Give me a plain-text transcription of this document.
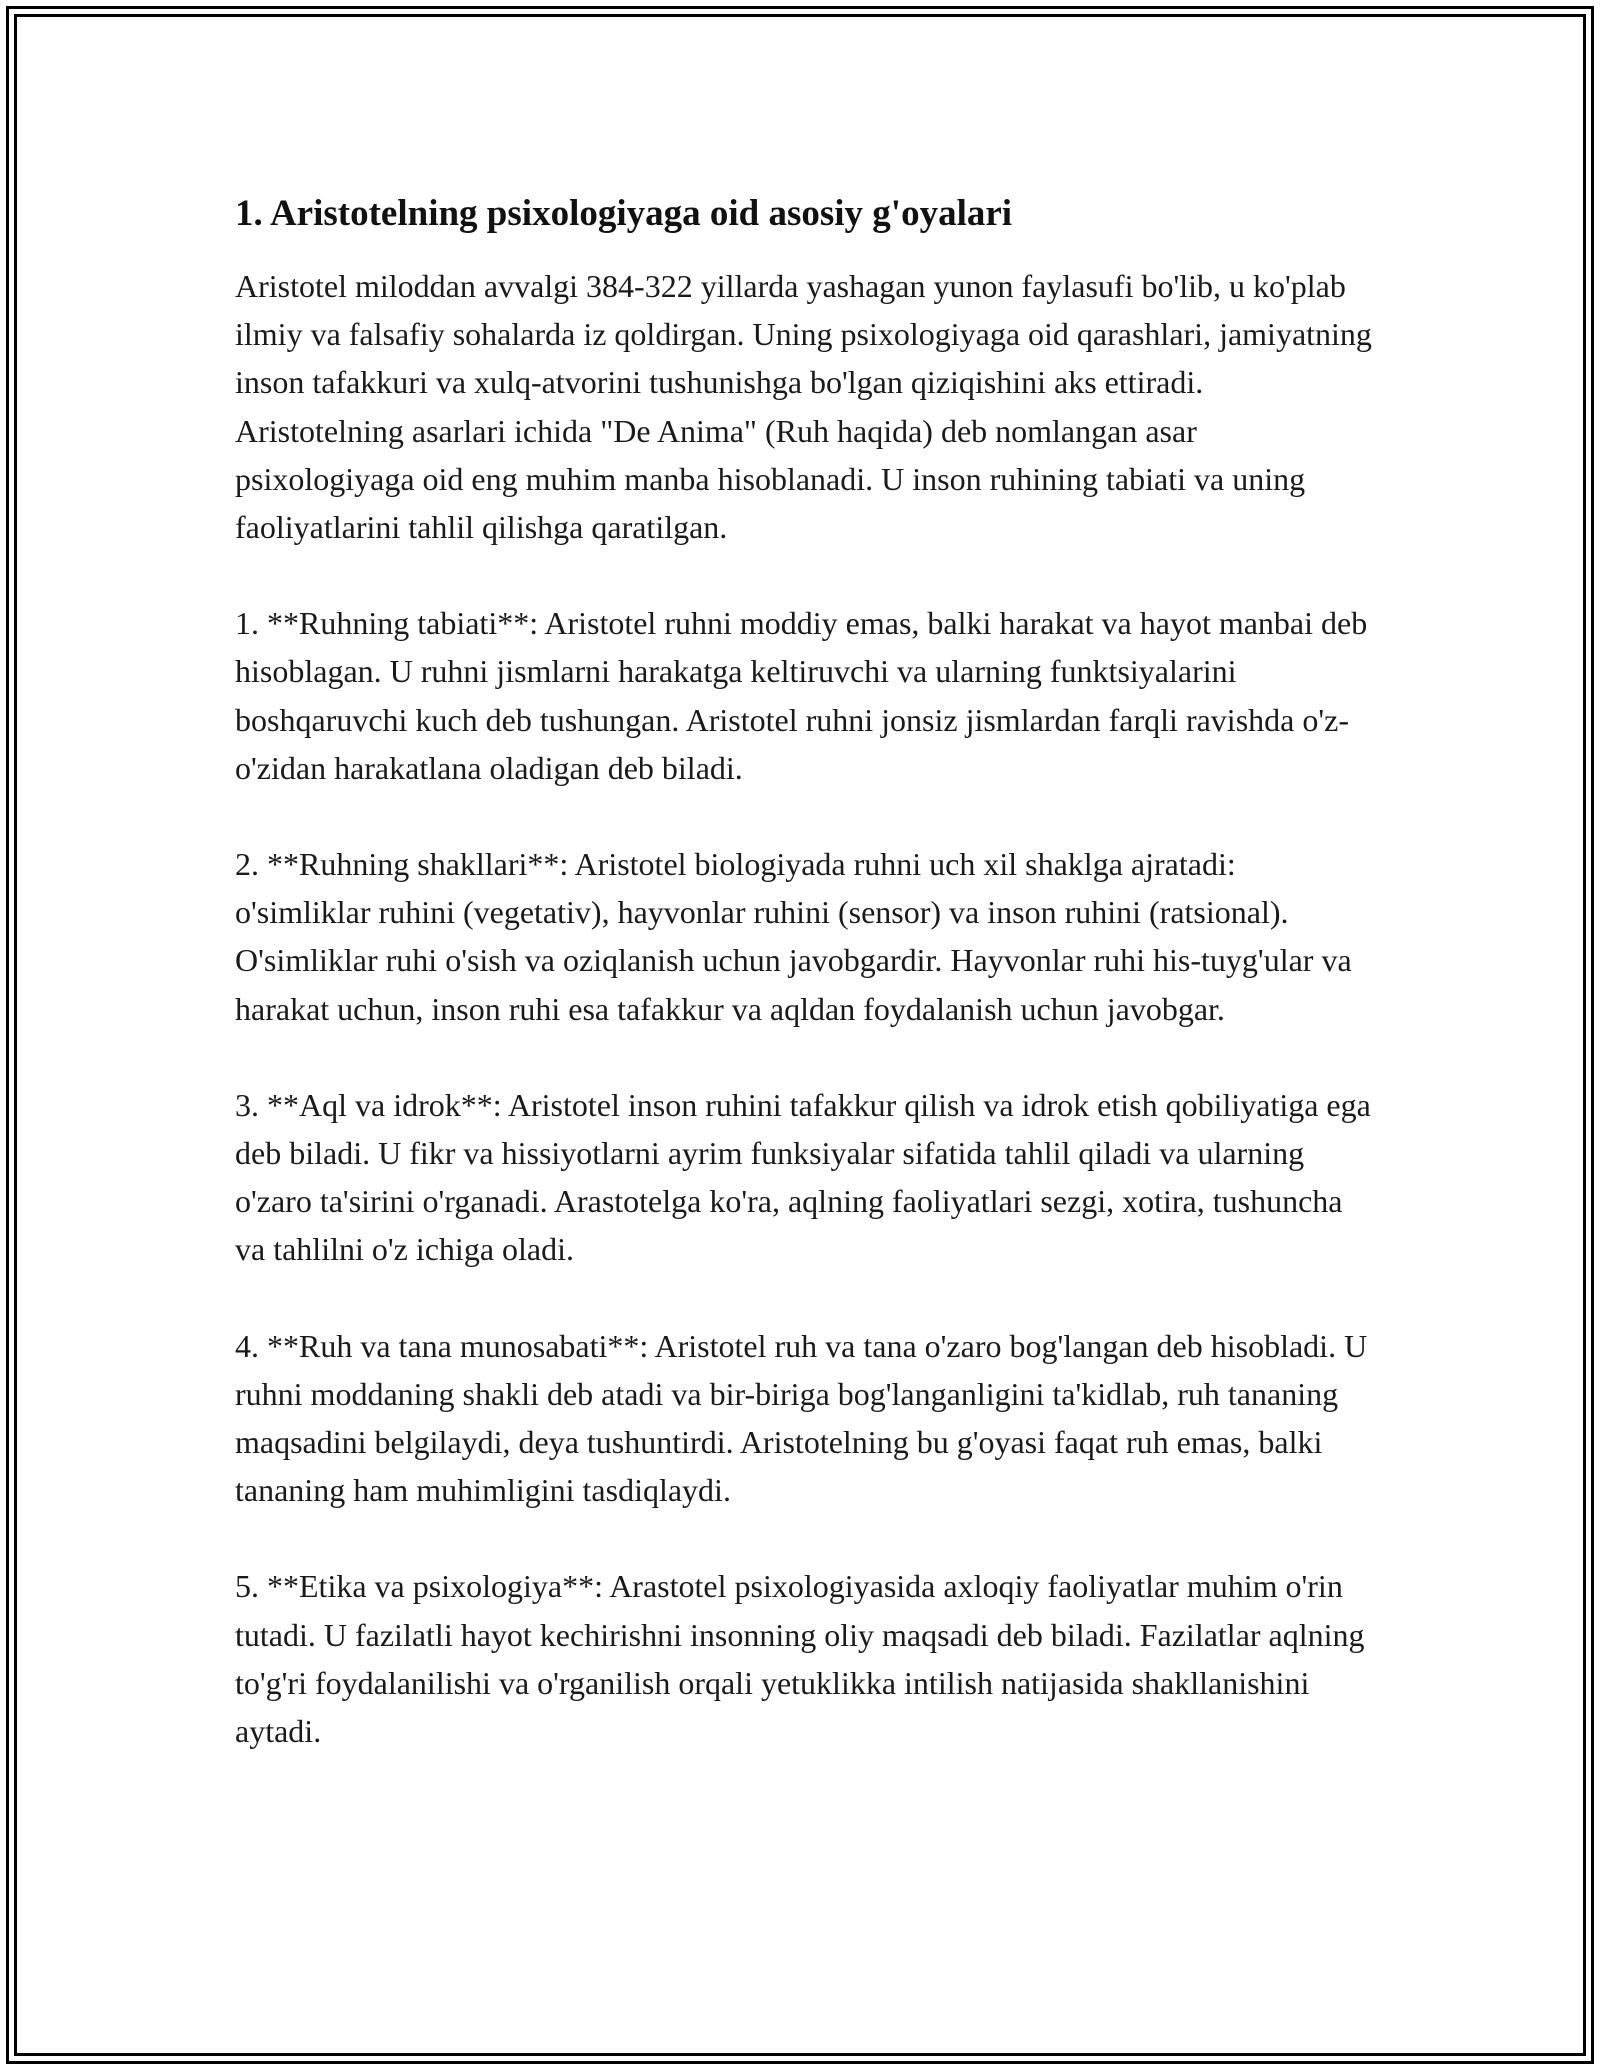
1. Aristotelning psixologiyaga oid asosiy g'oyalari

Aristotel miloddan avvalgi 384-322 yillarda yashagan yunon faylasufi bo'lib, u ko'plab ilmiy va falsafiy sohalarda iz qoldirgan. Uning psixologiyaga oid qarashlari, jamiyatning inson tafakkuri va xulq-atvorini tushunishga bo'lgan qiziqishini aks ettiradi. Aristotelning asarlari ichida "De Anima" (Ruh haqida) deb nomlangan asar psixologiyaga oid eng muhim manba hisoblanadi. U inson ruhining tabiati va uning faoliyatlarini tahlil qilishga qaratilgan.

1. **Ruhning tabiati**: Aristotel ruhni moddiy emas, balki harakat va hayot manbai deb hisoblagan. U ruhni jismlarni harakatga keltiruvchi va ularning funktsiyalarini boshqaruvchi kuch deb tushungan. Aristotel ruhni jonsiz jismlardan farqli ravishda o'z-o'zidan harakatlana oladigan deb biladi.

2. **Ruhning shakllari**: Aristotel biologiyada ruhni uch xil shaklga ajratadi: o'simliklar ruhini (vegetativ), hayvonlar ruhini (sensor) va inson ruhini (ratsional). O'simliklar ruhi o'sish va oziqlanish uchun javobgardir. Hayvonlar ruhi his-tuyg'ular va harakat uchun, inson ruhi esa tafakkur va aqldan foydalanish uchun javobgar.

3. **Aql va idrok**: Aristotel inson ruhini tafakkur qilish va idrok etish qobiliyatiga ega deb biladi. U fikr va hissiyotlarni ayrim funksiyalar sifatida tahlil qiladi va ularning o'zaro ta'sirini o'rganadi. Arastotelga ko'ra, aqlning faoliyatlari sezgi, xotira, tushuncha va tahlilni o'z ichiga oladi.

4. **Ruh va tana munosabati**: Aristotel ruh va tana o'zaro bog'langan deb hisobladi. U ruhni moddaning shakli deb atadi va bir-biriga bog'langanligini ta'kidlab, ruh tananing maqsadini belgilaydi, deya tushuntirdi. Aristotelning bu g'oyasi faqat ruh emas, balki tananing ham muhimligini tasdiqlaydi.

5. **Etika va psixologiya**: Arastotel psixologiyasida axloqiy faoliyatlar muhim o'rin tutadi. U fazilatli hayot kechirishni insonning oliy maqsadi deb biladi. Fazilatlar aqlning to'g'ri foydalanilishi va o'rganilish orqali yetuklikka intilish natijasida shakllanishini aytadi.
